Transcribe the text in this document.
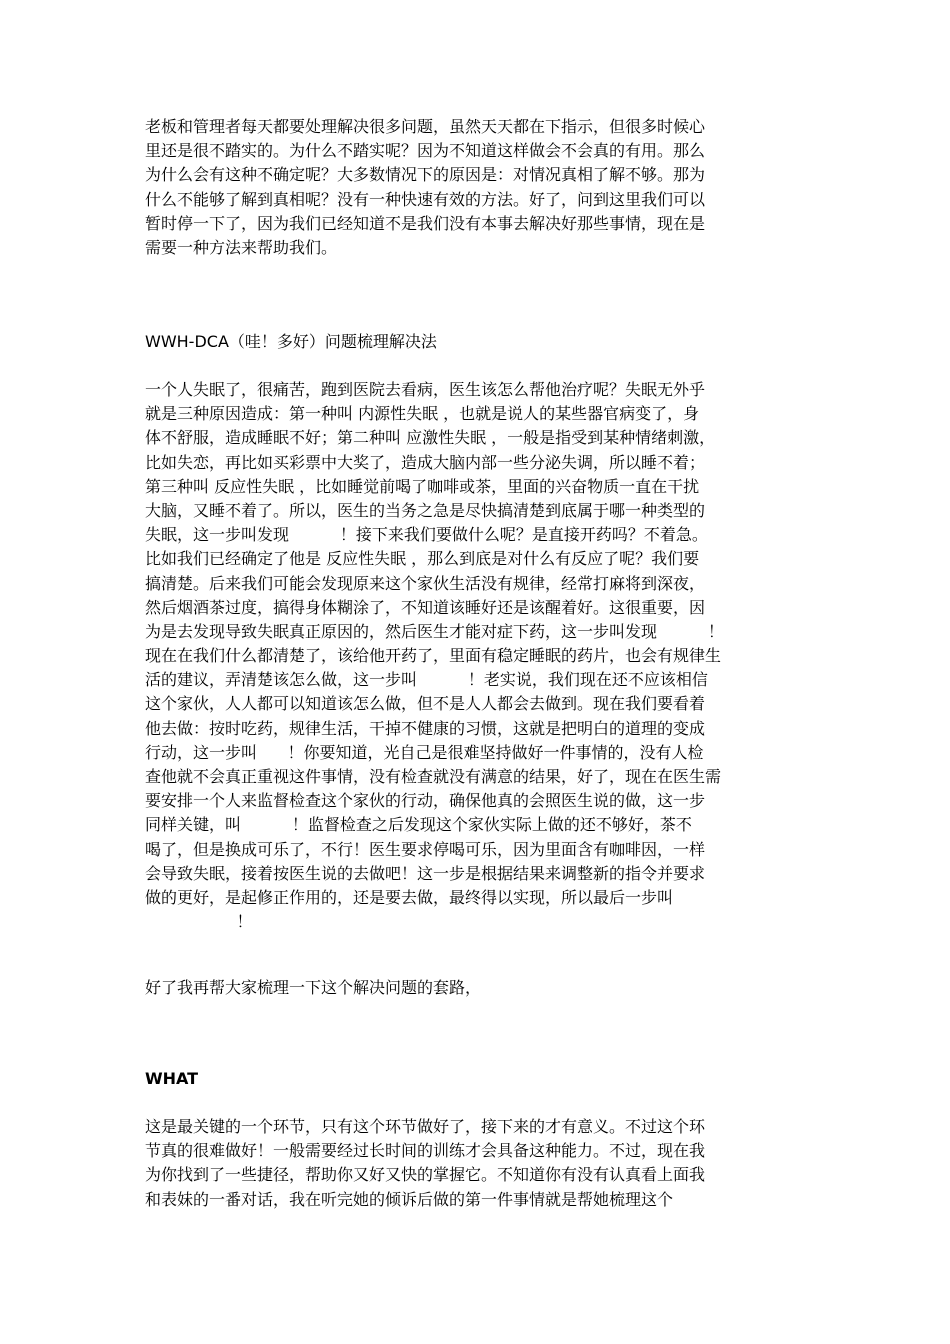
老板和管理者每天都要处理解决很多问题，虽然天天都在下指示，但很多时候心
里还是很不踏实的。为什么不踏实呢？因为不知道这样做会不会真的有用。那么
为什么会有这种不确定呢？大多数情况下的原因是：对情况真相了解不够。那为
什么不能够了解到真相呢？没有一种快速有效的方法。好了，问到这里我们可以
暂时停一下了，因为我们已经知道不是我们没有本事去解决好那些事情，现在是
需要一种方法来帮助我们。
WWH-DCA（哇！多好）问题梳理解决法
一个人失眠了，很痛苦，跑到医院去看病，医生该怎么帮他治疗呢？失眠无外乎
就是三种原因造成：第一种叫 内源性失眠 ，也就是说人的某些器官病变了，身
体不舒服，造成睡眠不好；第二种叫 应激性失眠 ，一般是指受到某种情绪刺激，
比如失恋，再比如买彩票中大奖了，造成大脑内部一些分泌失调，所以睡不着；
第三种叫 反应性失眠 ，比如睡觉前喝了咖啡或茶，里面的兴奋物质一直在干扰
大脑，又睡不着了。所以，医生的当务之急是尽快搞清楚到底属于哪一种类型的
失眠，这一步叫发现          ！接下来我们要做什么呢？是直接开药吗？不着急。
比如我们已经确定了他是 反应性失眠 ，那么到底是对什么有反应了呢？我们要
搞清楚。后来我们可能会发现原来这个家伙生活没有规律，经常打麻将到深夜，
然后烟酒茶过度，搞得身体糊涂了，不知道该睡好还是该醒着好。这很重要，因
为是去发现导致失眠真正原因的，然后医生才能对症下药，这一步叫发现          ！
现在在我们什么都清楚了，该给他开药了，里面有稳定睡眠的药片，也会有规律生
活的建议，弄清楚该怎么做，这一步叫          ！老实说，我们现在还不应该相信
这个家伙，人人都可以知道该怎么做，但不是人人都会去做到。现在我们要看着
他去做：按时吃药，规律生活，干掉不健康的习惯，这就是把明白的道理的变成
行动，这一步叫      ！你要知道，光自己是很难坚持做好一件事情的，没有人检
查他就不会真正重视这件事情，没有检查就没有满意的结果，好了，现在在医生需
要安排一个人来监督检查这个家伙的行动，确保他真的会照医生说的做，这一步
同样关键，叫          ！监督检查之后发现这个家伙实际上做的还不够好，茶不
喝了，但是换成可乐了，不行！医生要求停喝可乐，因为里面含有咖啡因，一样
会导致失眠，接着按医生说的去做吧！这一步是根据结果来调整新的指令并要求
做的更好，是起修正作用的，还是要去做，最终得以实现，所以最后一步叫
！
好了我再帮大家梳理一下这个解决问题的套路，
WHAT
这是最关键的一个环节，只有这个环节做好了，接下来的才有意义。不过这个环
节真的很难做好！一般需要经过长时间的训练才会具备这种能力。不过，现在我
为你找到了一些捷径，帮助你又好又快的掌握它。不知道你有没有认真看上面我
和表妹的一番对话，我在听完她的倾诉后做的第一件事情就是帮她梳理这个
